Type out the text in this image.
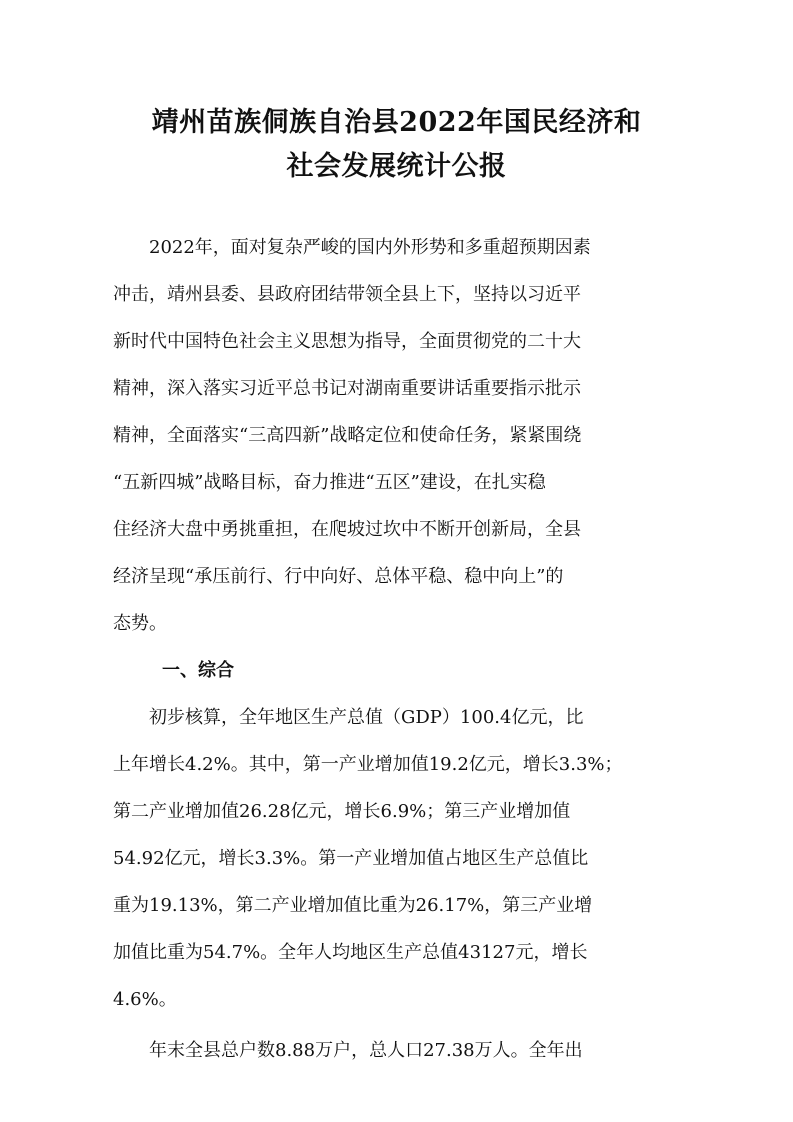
靖州苗族侗族自治县2022年国民经济和
社会发展统计公报
　　2022年，面对复杂严峻的国内外形势和多重超预期因素
冲击，靖州县委、县政府团结带领全县上下，坚持以习近平
新时代中国特色社会主义思想为指导，全面贯彻党的二十大
精神，深入落实习近平总书记对湖南重要讲话重要指示批示
精神，全面落实“三高四新”战略定位和使命任务，紧紧围绕
“五新四城”战略目标，奋力推进“五区”建设，在扎实稳
住经济大盘中勇挑重担，在爬坡过坎中不断开创新局，全县
经济呈现“承压前行、行中向好、总体平稳、稳中向上”的
态势。
一、综合
　　初步核算，全年地区生产总值（GDP）100.4亿元，比
上年增长4.2%。其中，第一产业增加值19.2亿元，增长3.3%；
第二产业增加值26.28亿元，增长6.9%；第三产业增加值
54.92亿元，增长3.3%。第一产业增加值占地区生产总值比
重为19.13%，第二产业增加值比重为26.17%，第三产业增
加值比重为54.7%。全年人均地区生产总值43127元，增长
4.6%。
　　年末全县总户数8.88万户，总人口27.38万人。全年出
